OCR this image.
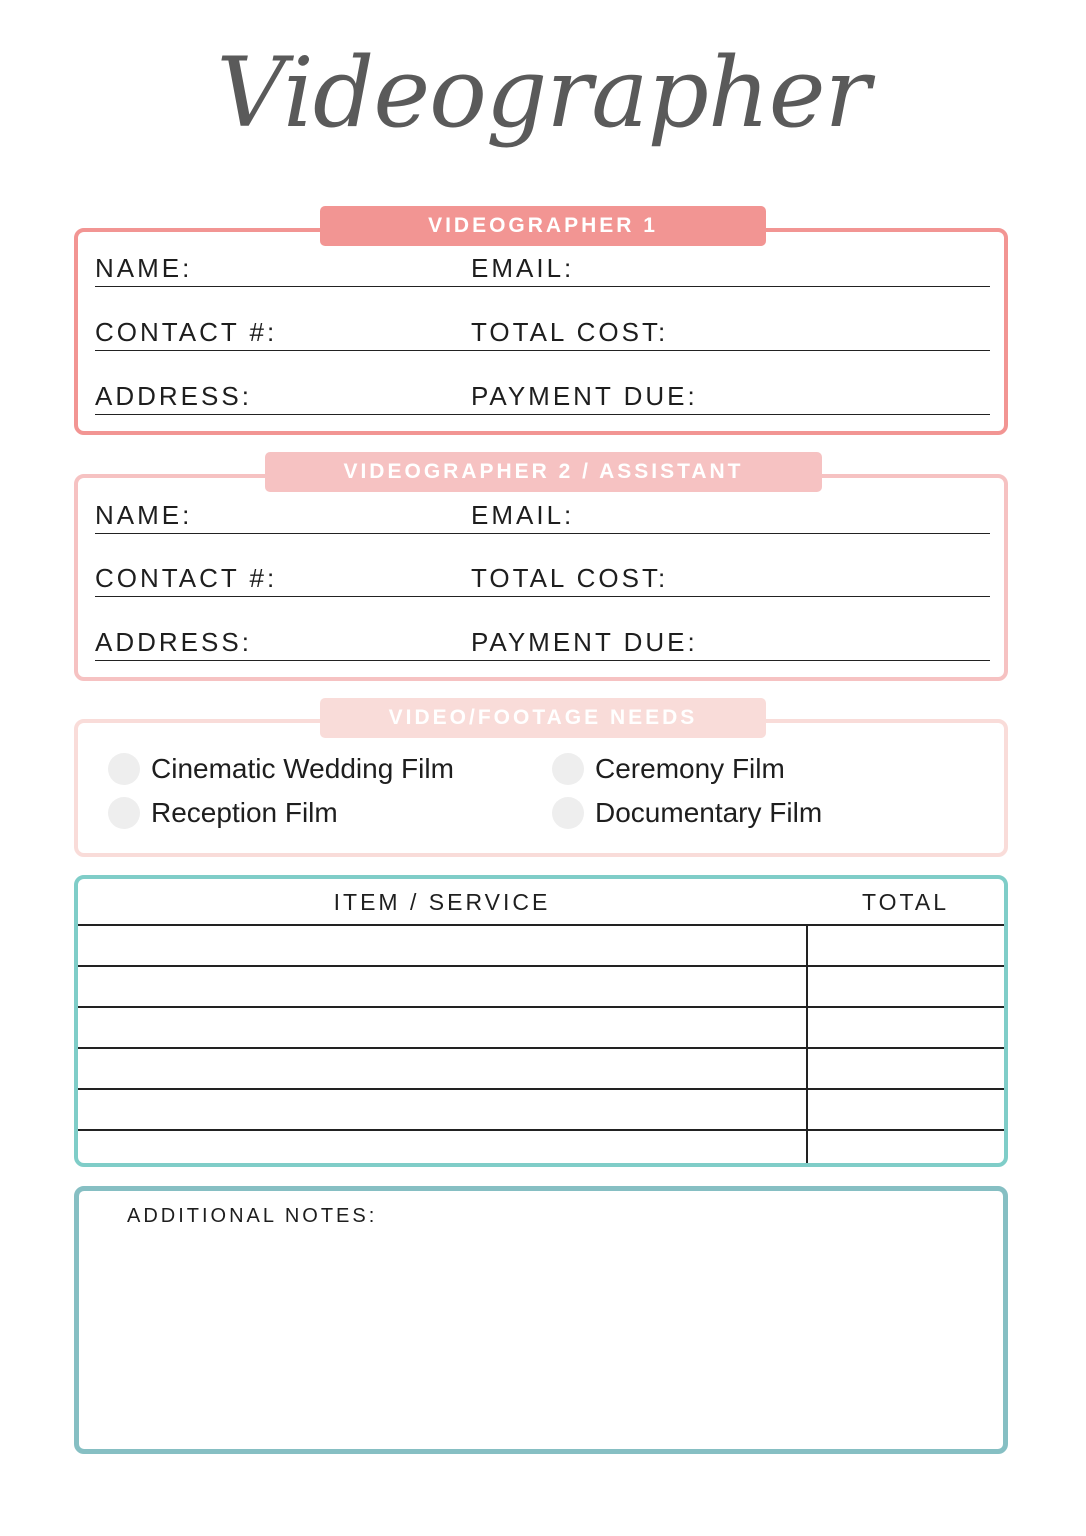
Videographer
VIDEOGRAPHER 1
NAME:	EMAIL:
CONTACT #:	TOTAL COST:
ADDRESS:	PAYMENT DUE:
VIDEOGRAPHER 2 / ASSISTANT
NAME:	EMAIL:
CONTACT #:	TOTAL COST:
ADDRESS:	PAYMENT DUE:
VIDEO/FOOTAGE NEEDS
Cinematic Wedding Film	Ceremony Film
Reception Film	Documentary Film
ITEM / SERVICE	TOTAL
ADDITIONAL NOTES:
